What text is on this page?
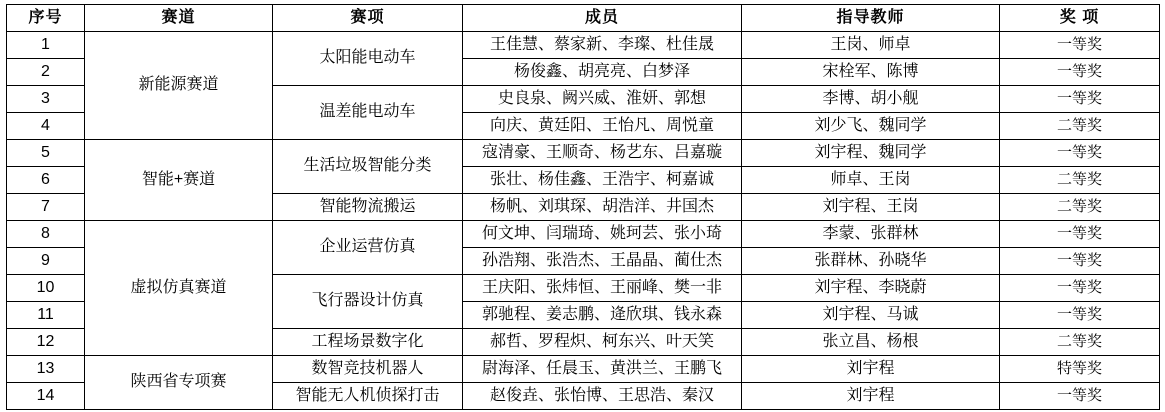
序号	赛道	赛项	成员	指导教师	奖 项
1	新能源赛道	太阳能电动车	王佳慧、蔡家新、李璨、杜佳晟	王岗、师卓	一等奖
2			杨俊鑫、胡亮亮、白梦泽	宋栓军、陈博	一等奖
3		温差能电动车	史良泉、阙兴威、淮妍、郭想	李博、胡小舰	一等奖
4			向庆、黄廷阳、王怡凡、周悦童	刘少飞、魏同学	二等奖
5	智能+赛道	生活垃圾智能分类	寇清豪、王顺奇、杨艺东、吕嘉璇	刘宇程、魏同学	一等奖
6			张壮、杨佳鑫、王浩宇、柯嘉诚	师卓、王岗	二等奖
7		智能物流搬运	杨帆、刘琪琛、胡浩洋、井国杰	刘宇程、王岗	二等奖
8	虚拟仿真赛道	企业运营仿真	何文坤、闫瑞琦、姚珂芸、张小琦	李蒙、张群林	一等奖
9			孙浩翔、张浩杰、王晶晶、蔺仕杰	张群林、孙晓华	一等奖
10		飞行器设计仿真	王庆阳、张炜恒、王丽峰、樊一非	刘宇程、李晓蔚	一等奖
11			郭驰程、姜志鹏、逄欣琪、钱永森	刘宇程、马诚	一等奖
12		工程场景数字化	郝哲、罗程炽、柯东兴、叶天笑	张立昌、杨根	二等奖
13	陕西省专项赛	数智竞技机器人	尉海泽、任晨玉、黄洪兰、王鹏飞	刘宇程	特等奖
14		智能无人机侦探打击	赵俊垚、张怡博、王思浩、秦汉	刘宇程	一等奖
